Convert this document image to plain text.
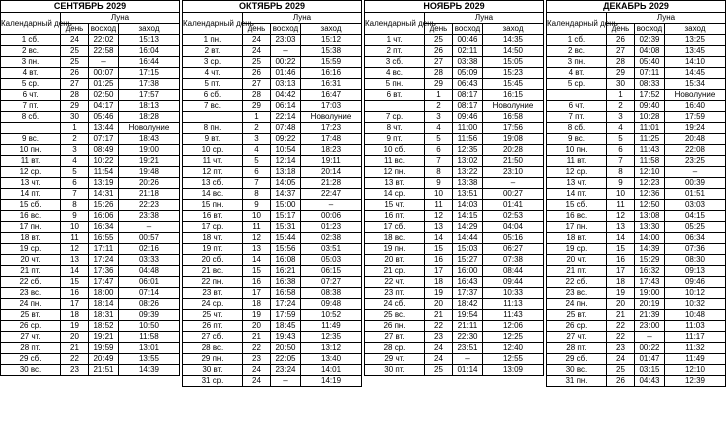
СЕНТЯБРЬ 2029			
Календарный день	Луна		
	день	восход	заход
1 сб.	24	22:02	15:13
2 вс.	25	22:58	16:04
3 пн.	25	–	16:44
4 вт.	26	00:07	17:15
5 ср.	27	01:25	17:38
6 чт.	28	02:50	17:57
7 пт.	29	04:17	18:13
8 сб.	30	05:46	18:28
	1	13:44	Новолуние
9 вс.	2	07:17	18:43
10 пн.	3	08:49	19:00
11 вт.	4	10:22	19:21
12 ср.	5	11:54	19:48
13 чт.	6	13:19	20:26
14 пт.	7	14:31	21:18
15 сб.	8	15:26	22:23
16 вс.	9	16:06	23:38
17 пн.	10	16:34	–
18 вт.	11	16:55	00:57
19 ср.	12	17:11	02:16
20 чт.	13	17:24	03:33
21 пт.	14	17:36	04:48
22 сб.	15	17:47	06:01
23 вс.	16	18:00	07:14
24 пн.	17	18:14	08:26
25 вт.	18	18:31	09:39
26 ср.	19	18:52	10:50
27 чт.	20	19:21	11:58
28 пт.	21	19:59	13:01
29 сб.	22	20:49	13:55
30 вс.	23	21:51	14:39
ОКТЯБРЬ 2029			
Календарный день	Луна		
	день	восход	заход
1 пн.	24	23:03	15:12
2 вт.	24	–	15:38
3 ср.	25	00:22	15:59
4 чт.	26	01:46	16:16
5 пт.	27	03:13	16:31
6 сб.	28	04:42	16:47
7 вс.	29	06:14	17:03
	1	22:14	Новолуние
8 пн.	2	07:48	17:23
9 вт.	3	09:22	17:48
10 ср.	4	10:54	18:23
11 чт.	5	12:14	19:11
12 пт.	6	13:18	20:14
13 сб.	7	14:05	21:28
14 вс.	8	14:37	22:47
15 пн.	9	15:00	–
16 вт.	10	15:17	00:06
17 ср.	11	15:31	01:23
18 чт.	12	15:44	02:38
19 пт.	13	15:56	03:51
20 сб.	14	16:08	05:03
21 вс.	15	16:21	06:15
22 пн.	16	16:38	07:27
23 вт.	17	16:58	08:38
24 ср.	18	17:24	09:48
25 чт.	19	17:59	10:52
26 пт.	20	18:45	11:49
27 сб.	21	19:43	12:35
28 вс.	22	20:50	13:12
29 пн.	23	22:05	13:40
30 вт.	24	23:24	14:01
31 ср.	24	–	14:19
НОЯБРЬ 2029			
Календарный день	Луна		
	день	восход	заход
1 чт.	25	00:46	14:35
2 пт.	26	02:11	14:50
3 сб.	27	03:38	15:05
4 вс.	28	05:09	15:23
5 пн.	29	06:43	15:45
6 вт.	1	08:17	16:15
	2	08:17	Новолуние
7 ср.	3	09:46	16:58
8 чт.	4	11:00	17:56
9 пт.	5	11:56	19:08
10 сб.	6	12:35	20:28
11 вс.	7	13:02	21:50
12 пн.	8	13:22	23:10
13 вт.	9	13:38	–
14 ср.	10	13:51	00:27
15 чт.	11	14:03	01:41
16 пт.	12	14:15	02:53
17 сб.	13	14:29	04:04
18 вс.	14	14:44	05:16
19 пн.	15	15:03	06:27
20 вт.	16	15:27	07:38
21 ср.	17	16:00	08:44
22 чт.	18	16:43	09:44
23 пт.	19	17:37	10:33
24 сб.	20	18:42	11:13
25 вс.	21	19:54	11:43
26 пн.	22	21:11	12:06
27 вт.	23	22:30	12:25
28 ср.	24	23:51	12:40
29 чт.	24	–	12:55
30 пт.	25	01:14	13:09
ДЕКАБРЬ 2029			
Календарный день	Луна		
	день	восход	заход
1 сб.	26	02:39	13:25
2 вс.	27	04:08	13:45
3 пн.	28	05:40	14:10
4 вт.	29	07:11	14:45
5 ср.	30	08:33	15:34
	1	17:52	Новолуние
6 чт.	2	09:40	16:40
7 пт.	3	10:28	17:59
8 сб.	4	11:01	19:24
9 вс.	5	11:25	20:48
10 пн.	6	11:43	22:08
11 вт.	7	11:58	23:25
12 ср.	8	12:10	–
13 чт.	9	12:23	00:39
14 пт.	10	12:36	01:51
15 сб.	11	12:50	03:03
16 вс.	12	13:08	04:15
17 пн.	13	13:30	05:25
18 вт.	14	14:00	06:34
19 ср.	15	14:39	07:36
20 чт.	16	15:29	08:30
21 пт.	17	16:32	09:13
22 сб.	18	17:43	09:46
23 вс.	19	19:00	10:12
24 пн.	20	20:19	10:32
25 вт.	21	21:39	10:48
26 ср.	22	23:00	11:03
27 чт.	22	–	11:17
28 пт.	23	00:22	11:32
29 сб.	24	01:47	11:49
30 вс.	25	03:15	12:10
31 пн.	26	04:43	12:39
